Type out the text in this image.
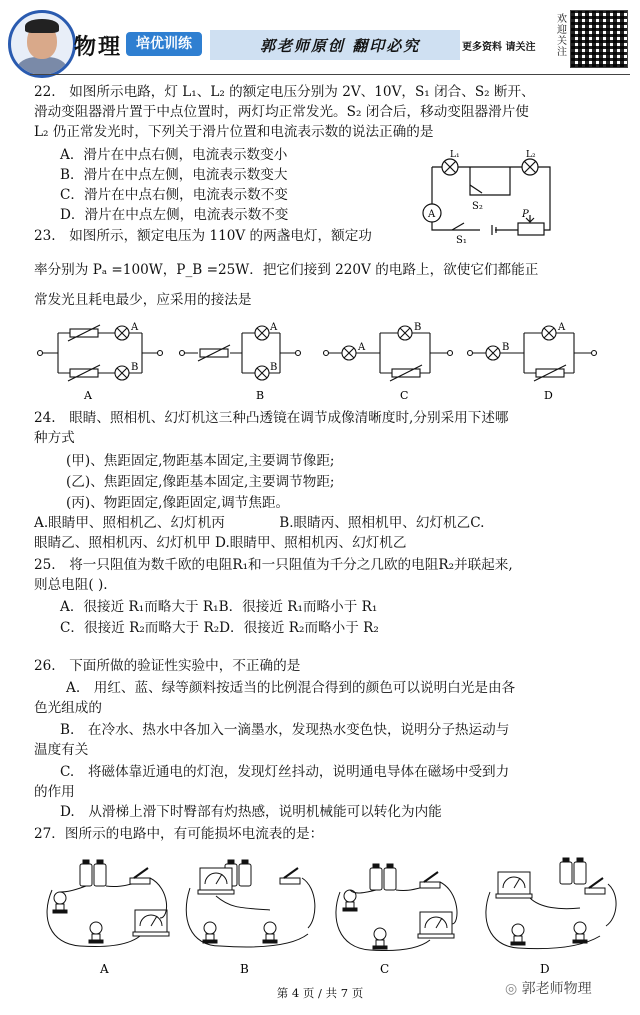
物理 培优训练	郭老师原创 翻印必究	更多资料 请关注
欢迎关注
22.　如图所示电路，灯 L₁、L₂ 的额定电压分别为 2V、10V，S₁ 闭合、S₂ 断开、
滑动变阻器滑片置于中点位置时，两灯均正常发光。S₂ 闭合后，移动变阻器滑片使
L₂ 仍正常发光时，下列关于滑片位置和电流表示数的说法正确的是
A．滑片在中点右侧，电流表示数变小
B．滑片在中点左侧，电流表示数变大
C．滑片在中点右侧，电流表示数不变
D．滑片在中点左侧，电流表示数不变
L₁	L₂
A
S₂
S₁
P
23.　如图所示，额定电压为 110V 的两盏电灯，额定功
率分别为 Pₐ =100W，P_B =25W．把它们接到 220V 的电路上，欲使它们都能正
常发光且耗电最少，应采用的接法是
A
B
A
B
A
B
B
A
A	B	C	D
24.　眼睛、照相机、幻灯机这三种凸透镜在调节成像清晰度时,分别采用下述哪
种方式
(甲)、焦距固定,物距基本固定,主要调节像距;
(乙)、焦距固定,像距基本固定,主要调节物距;
(丙)、物距固定,像距固定,调节焦距。
A.眼睛甲、照相机乙、幻灯机丙　　　　B.眼睛丙、照相机甲、幻灯机乙C.
眼睛乙、照相机丙、幻灯机甲 D.眼睛甲、照相机丙、幻灯机乙
25.　将一只阻值为数千欧的电阻R₁和一只阻值为千分之几欧的电阻R₂并联起来,
则总电阻( ).
A．很接近 R₁而略大于 R₁B．很接近 R₁而略小于 R₁
C．很接近 R₂而略大于 R₂D．很接近 R₂而略小于 R₂
26.　下面所做的验证性实验中，不正确的是
A.　用红、蓝、绿等颜料按适当的比例混合得到的颜色可以说明白光是由各
色光组成的
B.　在冷水、热水中各加入一滴墨水，发现热水变色快，说明分子热运动与
温度有关
C.　将磁体靠近通电的灯泡，发现灯丝抖动，说明通电导体在磁场中受到力
的作用
D.　从滑梯上滑下时臀部有灼热感，说明机械能可以转化为内能
27．图所示的电路中，有可能损坏电流表的是：
A	B	C	D
第 4 页 / 共 7 页	◎ 郭老师物理
